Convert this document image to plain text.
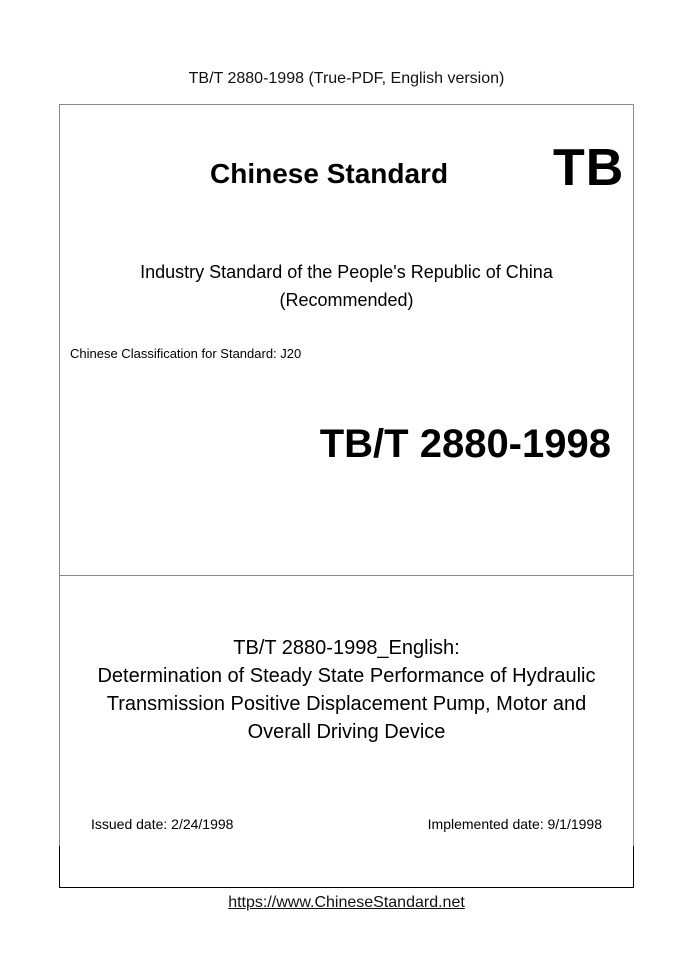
TB/T 2880-1998 (True-PDF, English version)
Chinese Standard TB
Industry Standard of the People's Republic of China
(Recommended)
Chinese Classification for Standard: J20
TB/T 2880-1998
TB/T 2880-1998_English:
Determination of Steady State Performance of Hydraulic
Transmission Positive Displacement Pump, Motor and
Overall Driving Device
Issued date: 2/24/1998	Implemented date: 9/1/1998
https://www.ChineseStandard.net
